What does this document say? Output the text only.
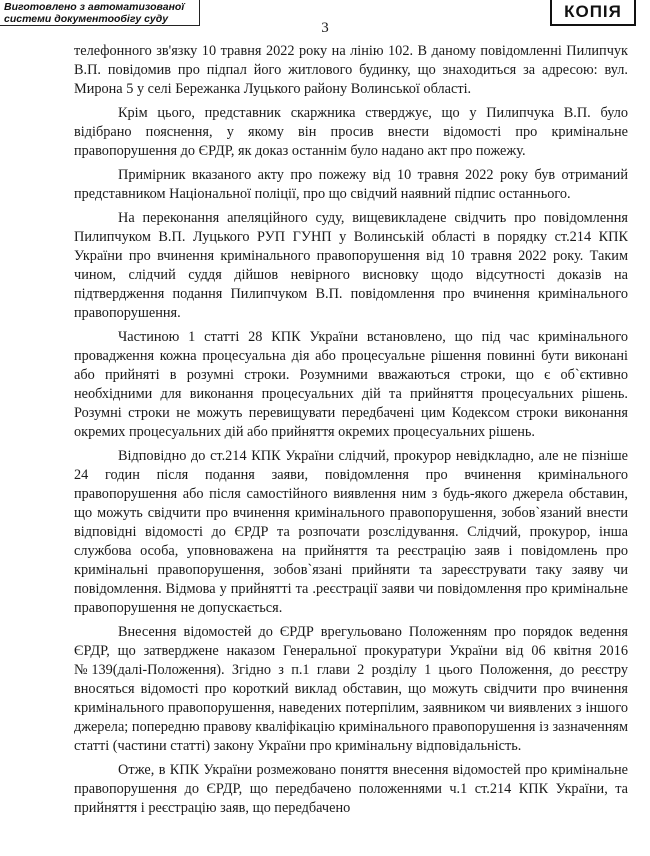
Виготовлено з автоматизованої
системи документообігу суду	КОПІЯ
3

телефонного зв'язку 10 травня 2022 року на лінію 102. В даному повідомленні Пилипчук В.П. повідомив про підпал його житлового будинку, що знаходиться за адресою: вул. Мирона 5 у селі Бережанка Луцького району Волинської області.

Крім цього, представник скаржника стверджує, що у Пилипчука В.П. було відібрано пояснення, у якому він просив внести відомості про кримінальне правопорушення до ЄРДР, як доказ останнім було надано акт про пожежу.

Примірник вказаного акту про пожежу від 10 травня 2022 року був отриманий представником Національної поліції, про що свідчий наявний підпис останнього.

На переконання апеляційного суду, вищевикладене свідчить про повідомлення Пилипчуком В.П. Луцького РУП ГУНП у Волинській області в порядку ст.214 КПК України про вчинення кримінального правопорушення від 10 травня 2022 року. Таким чином, слідчий суддя дійшов невірного висновку щодо відсутності доказів на підтвердження подання Пилипчуком В.П. повідомлення про вчинення кримінального правопорушення.

Частиною 1 статті 28 КПК України встановлено, що під час кримінального провадження кожна процесуальна дія або процесуальне рішення повинні бути виконані або прийняті в розумні строки. Розумними вважаються строки, що є об`єктивно необхідними для виконання процесуальних дій та прийняття процесуальних рішень. Розумні строки не можуть перевищувати передбачені цим Кодексом строки виконання окремих процесуальних дій або прийняття окремих процесуальних рішень.

Відповідно до ст.214 КПК України слідчий, прокурор невідкладно, але не пізніше 24 годин після подання заяви, повідомлення про вчинення кримінального правопорушення або після самостійного виявлення ним з будь-якого джерела обставин, що можуть свідчити про вчинення кримінального правопорушення, зобов`язаний внести відповідні відомості до ЄРДР та розпочати розслідування. Слідчий, прокурор, інша службова особа, уповноважена на прийняття та реєстрацію заяв і повідомлень про кримінальні правопорушення, зобов`язані прийняти та зареєструвати таку заяву чи повідомлення. Відмова у прийнятті та .реєстрації заяви чи повідомлення про кримінальне правопорушення не допускається.

Внесення відомостей до ЄРДР врегульовано Положенням про порядок ведення ЄРДР, що затверджене наказом Генеральної прокуратури України від 06 квітня 2016 №139(далі-Положення). Згідно з п.1 глави 2 розділу 1 цього Положення, до реєстру вносяться відомості про короткий виклад обставин, що можуть свідчити про вчинення кримінального правопорушення, наведених потерпілим, заявником чи виявлених з іншого джерела; попередню правову кваліфікацію кримінального правопорушення із зазначенням статті (частини статті) закону України про кримінальну відповідальність.

Отже, в КПК України розмежовано поняття внесення відомостей про кримінальне правопорушення до ЄРДР, що передбачено положеннями ч.1 ст.214 КПК України, та прийняття і реєстрацію заяв, що передбачено
